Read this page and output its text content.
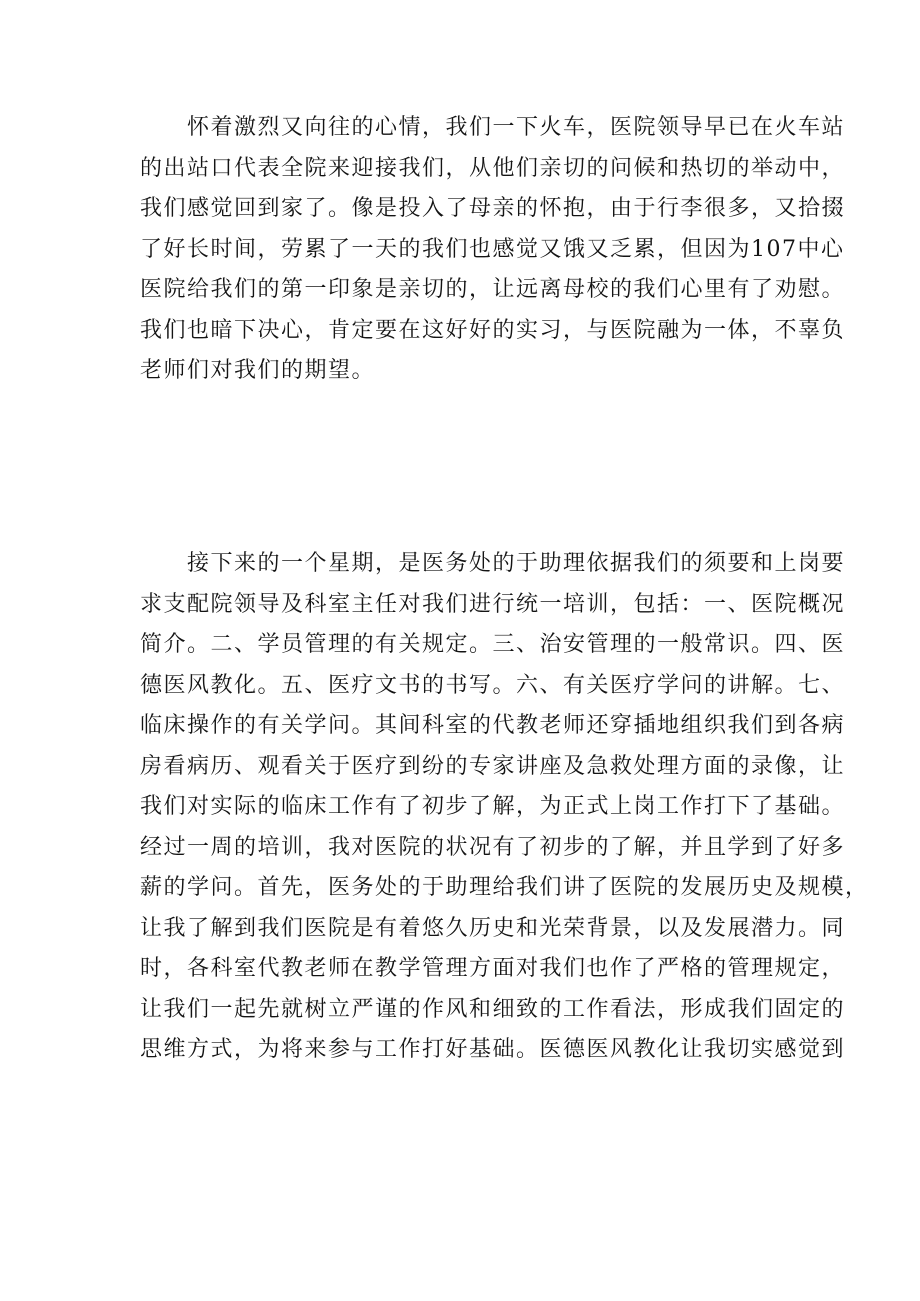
　　怀着激烈又向往的心情，我们一下火车，医院领导早已在火车站
的出站口代表全院来迎接我们，从他们亲切的问候和热切的举动中，
我们感觉回到家了。像是投入了母亲的怀抱，由于行李很多，又拾掇
了好长时间，劳累了一天的我们也感觉又饿又乏累，但因为107中心
医院给我们的第一印象是亲切的，让远离母校的我们心里有了劝慰。
我们也暗下决心，肯定要在这好好的实习，与医院融为一体，不辜负
老师们对我们的期望。
　　接下来的一个星期，是医务处的于助理依据我们的须要和上岗要
求支配院领导及科室主任对我们进行统一培训，包括：一、医院概况
简介。二、学员管理的有关规定。三、治安管理的一般常识。四、医
德医风教化。五、医疗文书的书写。六、有关医疗学问的讲解。七、
临床操作的有关学问。其间科室的代教老师还穿插地组织我们到各病
房看病历、观看关于医疗到纷的专家讲座及急救处理方面的录像，让
我们对实际的临床工作有了初步了解，为正式上岗工作打下了基础。
经过一周的培训，我对医院的状况有了初步的了解，并且学到了好多
薪的学问。首先，医务处的于助理给我们讲了医院的发展历史及规模，
让我了解到我们医院是有着悠久历史和光荣背景，以及发展潜力。同
时，各科室代教老师在教学管理方面对我们也作了严格的管理规定，
让我们一起先就树立严谨的作风和细致的工作看法，形成我们固定的
思维方式，为将来参与工作打好基础。医德医风教化让我切实感觉到
